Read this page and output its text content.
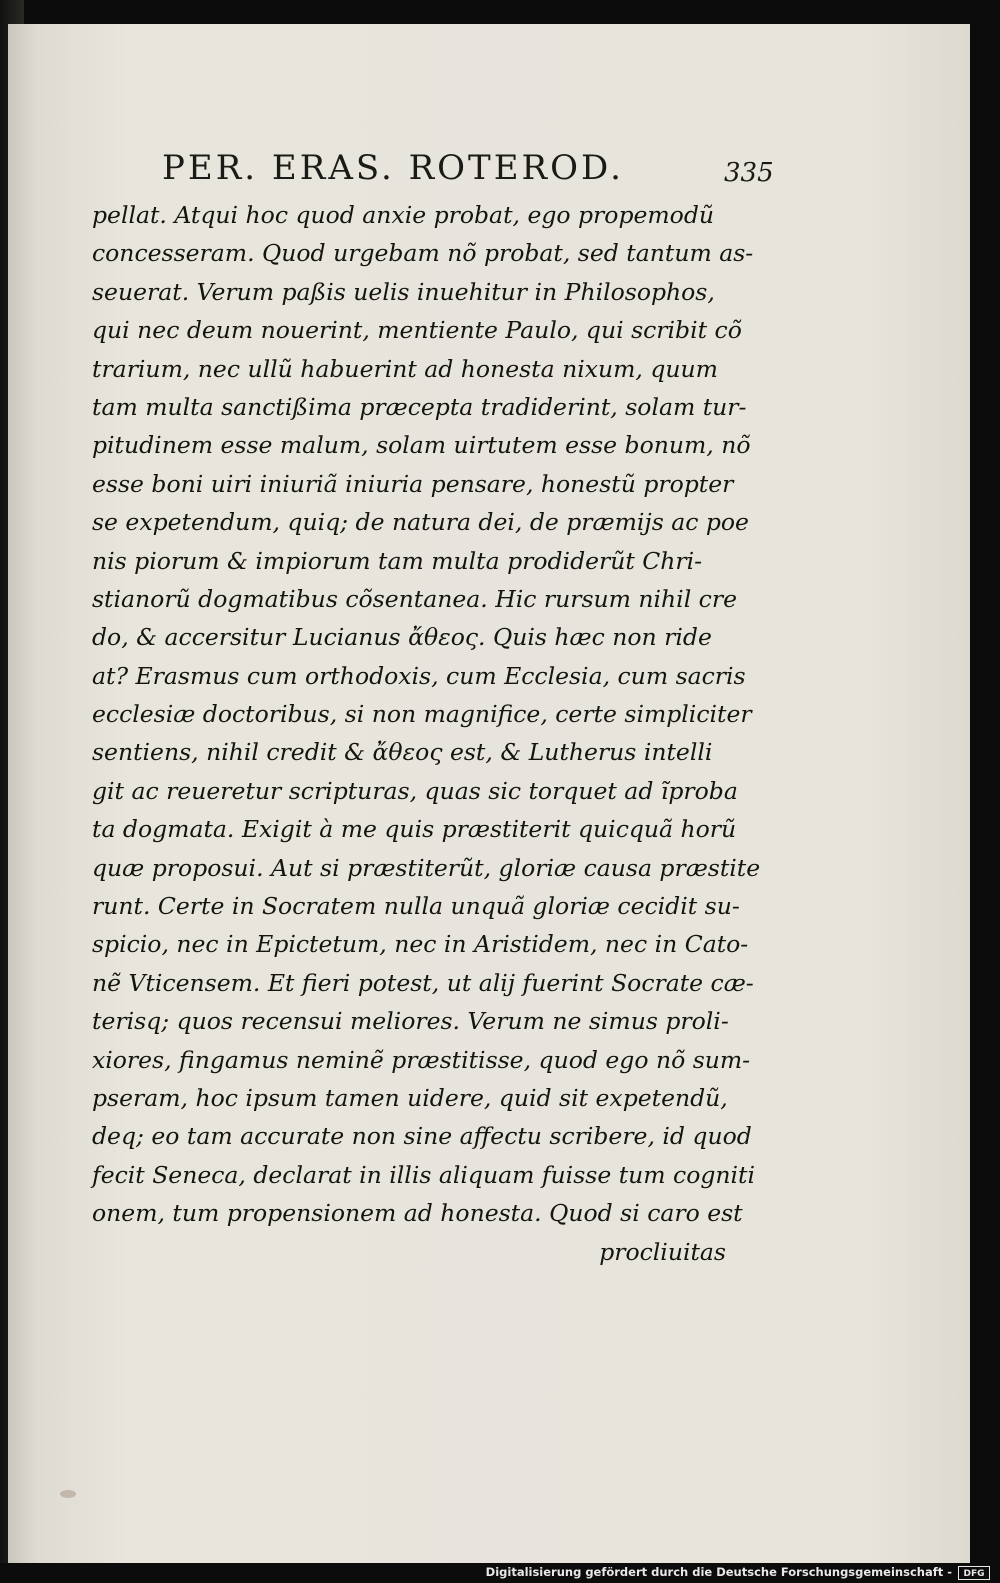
PER. ERAS. ROTEROD.	335
pellat. Atqui hoc quod anxie probat, ego propemodũ
concesseram. Quod urgebam nõ probat, sed tantum as-
seuerat. Verum paßis uelis inuehitur in Philosophos,
qui nec deum nouerint, mentiente Paulo, qui scribit cõ
trarium, nec ullũ habuerint ad honesta nixum, quum
tam multa sanctißima præcepta tradiderint, solam tur-
pitudinem esse malum, solam uirtutem esse bonum, nõ
esse boni uiri iniuriã iniuria pensare, honestũ propter
se expetendum, quiq; de natura dei, de præmijs ac poe
nis piorum & impiorum tam multa prodiderũt Chri-
stianorũ dogmatibus cõsentanea. Hic rursum nihil cre
do, & accersitur Lucianus ἄθεος. Quis hæc non ride
at? Erasmus cum orthodoxis, cum Ecclesia, cum sacris
ecclesiæ doctoribus, si non magnifice, certe simpliciter
sentiens, nihil credit & ἄθεος est, & Lutherus intelli
git ac reueretur scripturas, quas sic torquet ad ĩproba
ta dogmata. Exigit à me quis præstiterit quicquã horũ
quæ proposui. Aut si præstiterũt, gloriæ causa præstite
runt. Certe in Socratem nulla unquã gloriæ cecidit su-
spicio, nec in Epictetum, nec in Aristidem, nec in Cato-
nẽ Vticensem. Et fieri potest, ut alij fuerint Socrate cæ-
terisq; quos recensui meliores. Verum ne simus proli-
xiores, fingamus neminẽ præstitisse, quod ego nõ sum-
pseram, hoc ipsum tamen uidere, quid sit expetendũ,
deq; eo tam accurate non sine affectu scribere, id quod
fecit Seneca, declarat in illis aliquam fuisse tum cogniti
onem, tum propensionem ad honesta. Quod si caro est
procliuitas
Digitalisierung gefördert durch die Deutsche Forschungsgemeinschaft -	DFG
